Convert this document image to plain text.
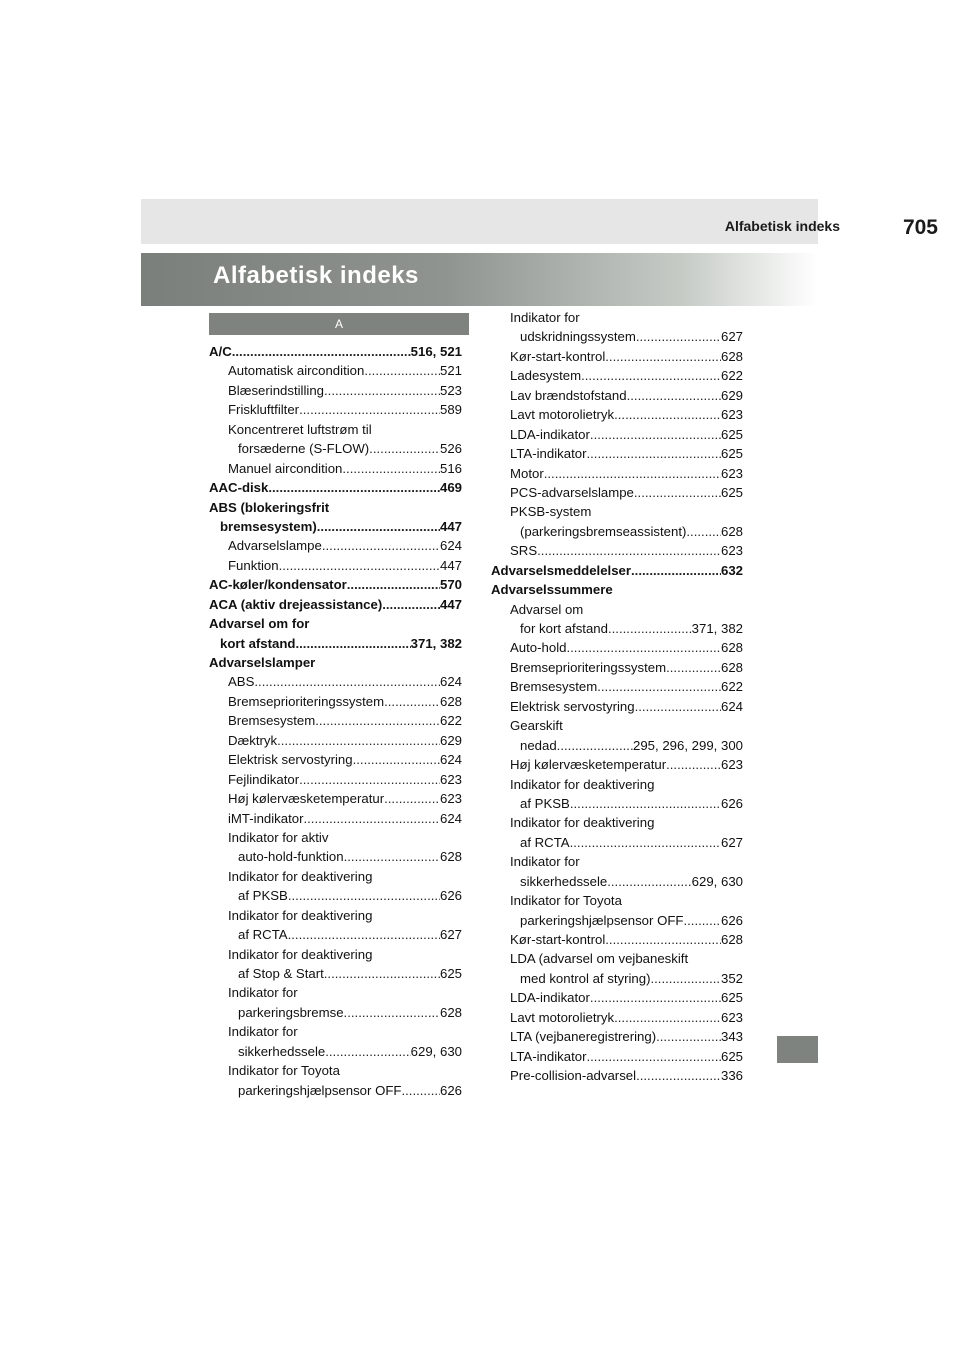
Alfabetisk indeks	705
Alfabetisk indeks
A
A/C .....	516, 521
Automatisk aircondition .....	521
Blæserindstilling .....	523
Friskluftfilter .....	589
Koncentreret luftstrøm til
forsæderne (S-FLOW) .....	526
Manuel aircondition .....	516
AAC-disk .....	469
ABS (blokeringsfrit
bremsesystem) .....	447
Advarselslampe .....	624
Funktion .....	447
AC-køler/kondensator .....	570
ACA (aktiv drejeassistance) .....	447
Advarsel om for
kort afstand .....	371, 382
Advarselslamper
ABS .....	624
Bremseprioriteringssystem .....	628
Bremsesystem .....	622
Dæktryk .....	629
Elektrisk servostyring .....	624
Fejlindikator .....	623
Høj kølervæsketemperatur .....	623
iMT-indikator .....	624
Indikator for aktiv
auto-hold-funktion .....	628
Indikator for deaktivering
af PKSB .....	626
Indikator for deaktivering
af RCTA .....	627
Indikator for deaktivering
af Stop & Start .....	625
Indikator for
parkeringsbremse .....	628
Indikator for
sikkerhedssele .....	629, 630
Indikator for Toyota
parkeringshjælpsensor OFF .....	626
Indikator for
udskridningssystem .....	627
Kør-start-kontrol .....	628
Ladesystem .....	622
Lav brændstofstand .....	629
Lavt motorolietryk .....	623
LDA-indikator .....	625
LTA-indikator .....	625
Motor .....	623
PCS-advarselslampe .....	625
PKSB-system
(parkeringsbremseassistent) .....	628
SRS .....	623
Advarselsmeddelelser .....	632
Advarselssummere
Advarsel om
for kort afstand .....	371, 382
Auto-hold .....	628
Bremseprioriteringssystem .....	628
Bremsesystem .....	622
Elektrisk servostyring .....	624
Gearskift
nedad .....	295, 296, 299, 300
Høj kølervæsketemperatur .....	623
Indikator for deaktivering
af PKSB .....	626
Indikator for deaktivering
af RCTA .....	627
Indikator for
sikkerhedssele .....	629, 630
Indikator for Toyota
parkeringshjælpsensor OFF .....	626
Kør-start-kontrol .....	628
LDA (advarsel om vejbaneskift
med kontrol af styring) .....	352
LDA-indikator .....	625
Lavt motorolietryk .....	623
LTA (vejbaneregistrering) .....	343
LTA-indikator .....	625
Pre-collision-advarsel .....	336
